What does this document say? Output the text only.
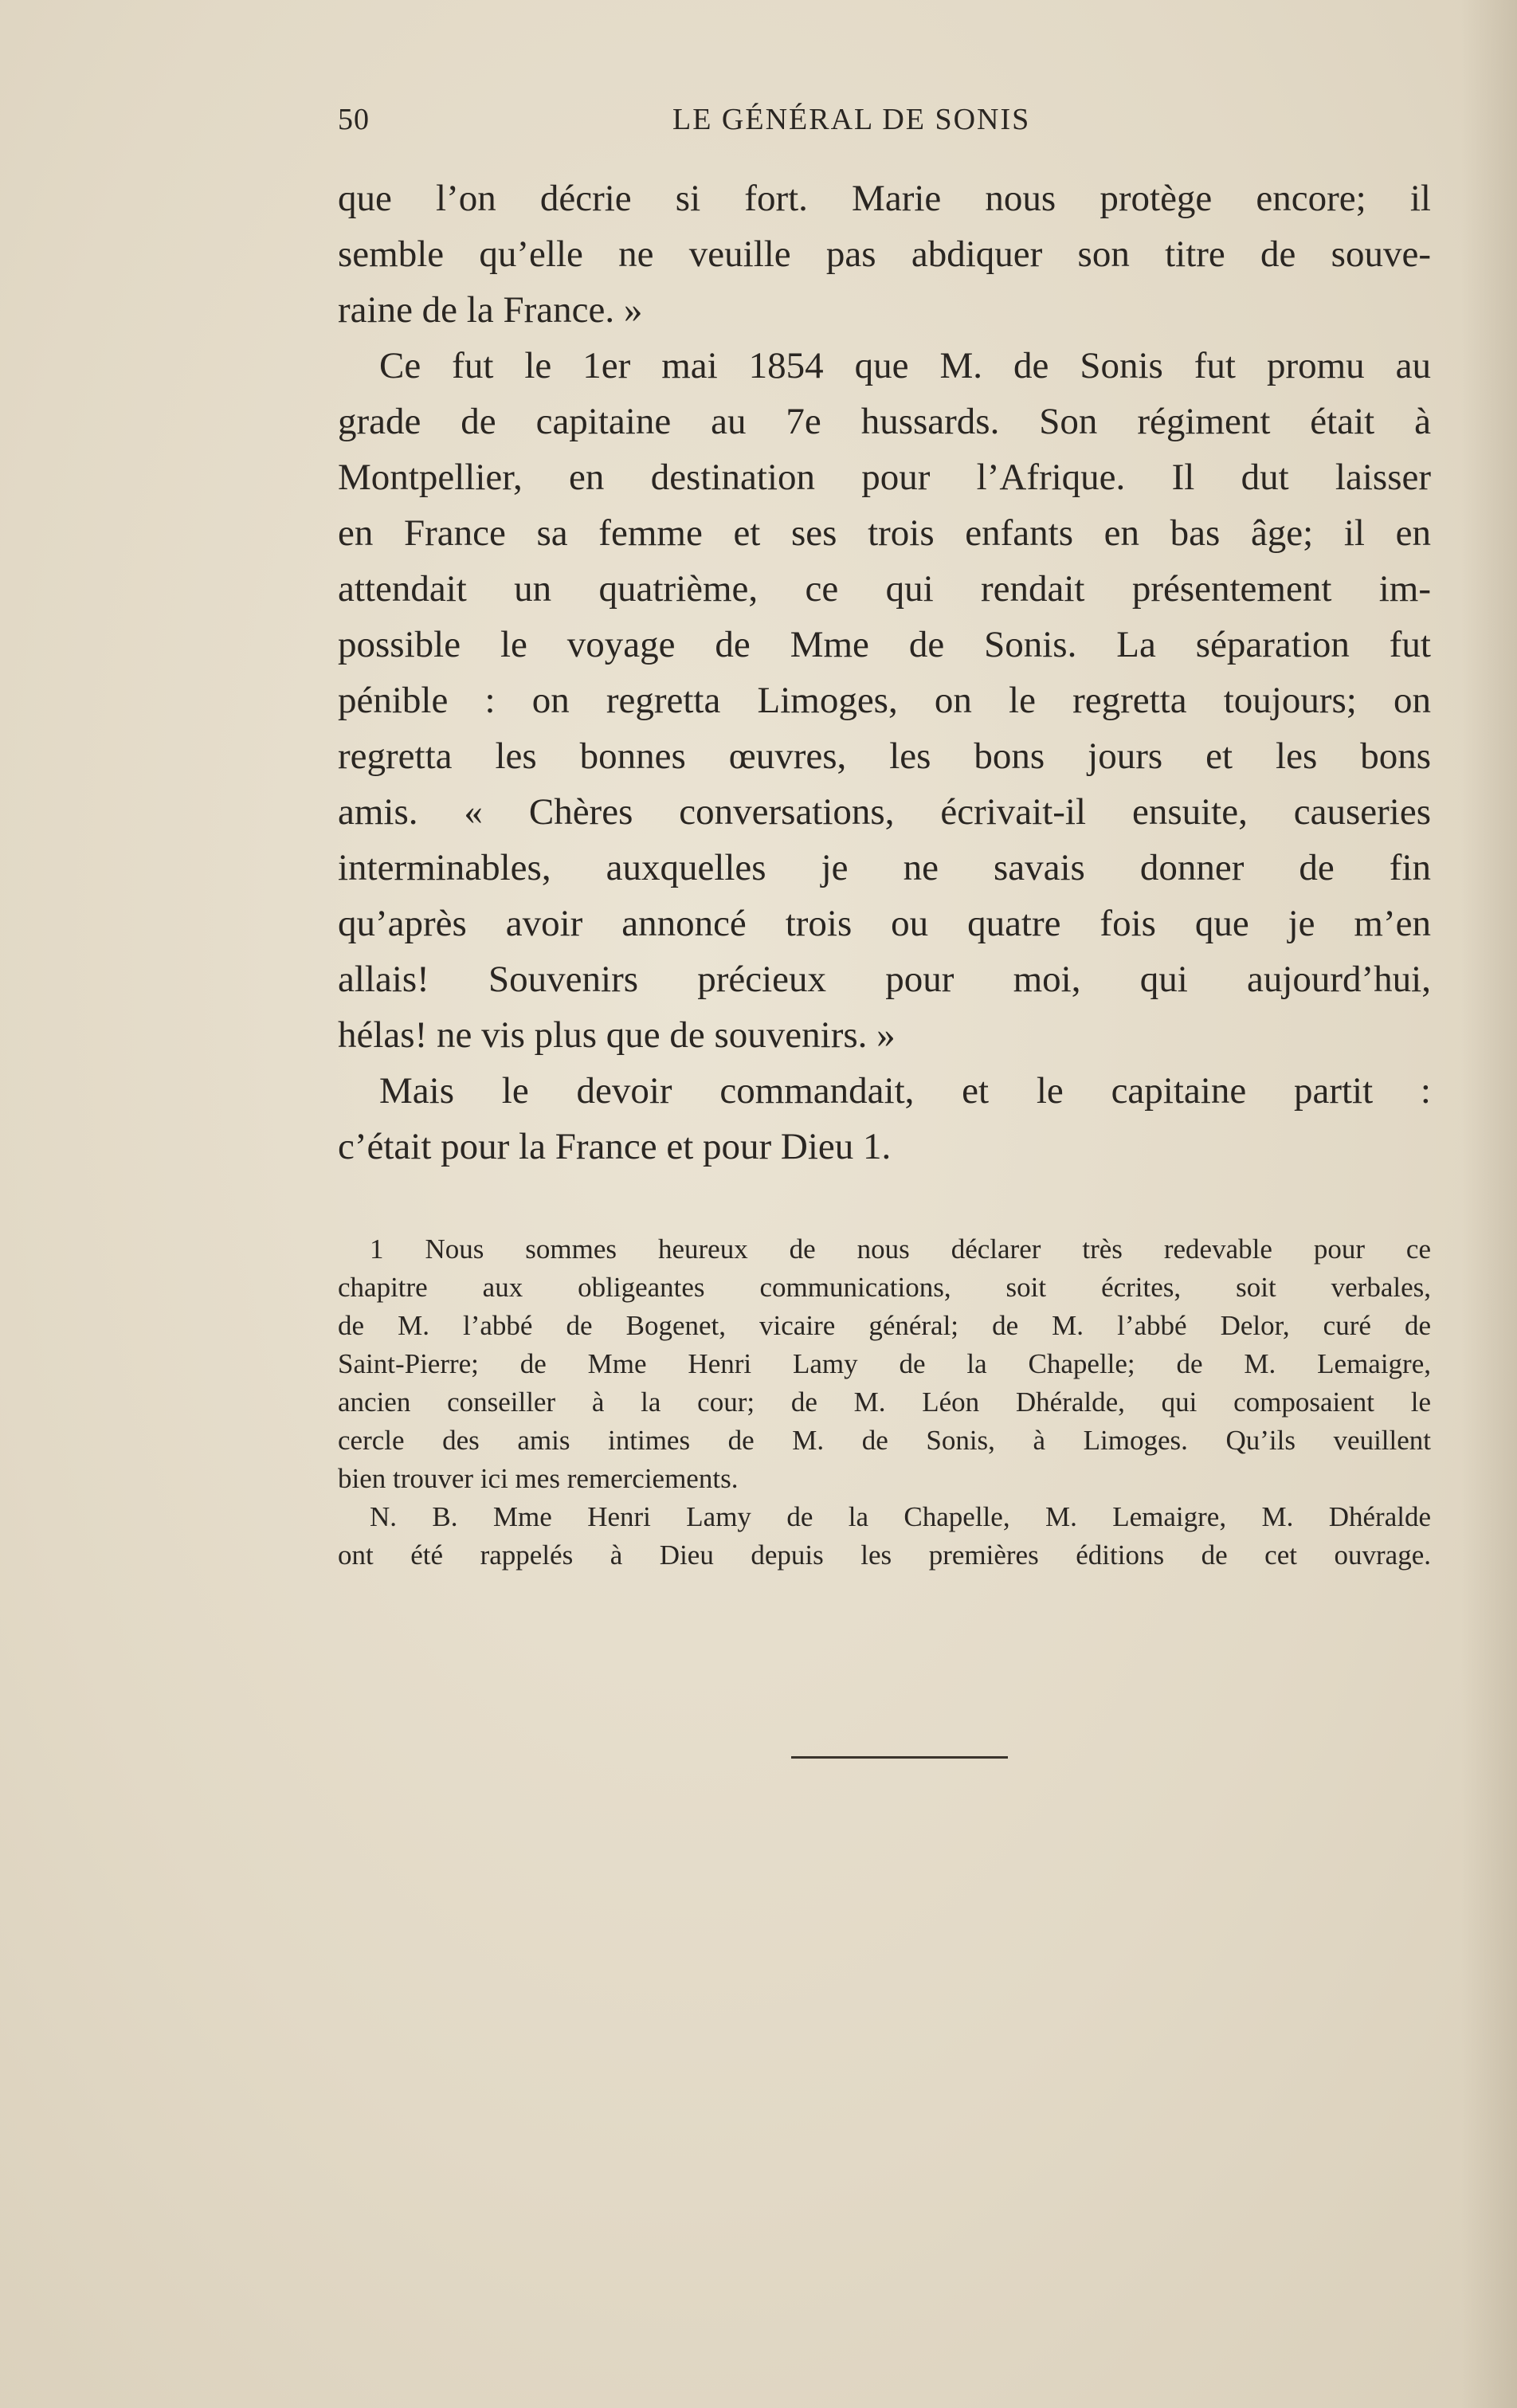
50	LE GÉNÉRAL DE SONIS
que l’on décrie si fort. Marie nous protège encore; il
semble qu’elle ne veuille pas abdiquer son titre de souve-
raine de la France. »
Ce fut le 1er mai 1854 que M. de Sonis fut promu au
grade de capitaine au 7e hussards. Son régiment était à
Montpellier, en destination pour l’Afrique. Il dut laisser
en France sa femme et ses trois enfants en bas âge; il en
attendait un quatrième, ce qui rendait présentement im-
possible le voyage de Mme de Sonis. La séparation fut
pénible : on regretta Limoges, on le regretta toujours; on
regretta les bonnes œuvres, les bons jours et les bons
amis. « Chères conversations, écrivait-il ensuite, causeries
interminables, auxquelles je ne savais donner de fin
qu’après avoir annoncé trois ou quatre fois que je m’en
allais! Souvenirs précieux pour moi, qui aujourd’hui,
hélas! ne vis plus que de souvenirs. »
Mais le devoir commandait, et le capitaine partit :
c’était pour la France et pour Dieu 1.
1 Nous sommes heureux de nous déclarer très redevable pour ce
chapitre aux obligeantes communications, soit écrites, soit verbales,
de M. l’abbé de Bogenet, vicaire général; de M. l’abbé Delor, curé de
Saint-Pierre; de Mme Henri Lamy de la Chapelle; de M. Lemaigre,
ancien conseiller à la cour; de M. Léon Dhéralde, qui composaient le
cercle des amis intimes de M. de Sonis, à Limoges. Qu’ils veuillent
bien trouver ici mes remerciements.
N. B. Mme Henri Lamy de la Chapelle, M. Lemaigre, M. Dhéralde
ont été rappelés à Dieu depuis les premières éditions de cet ouvrage.
